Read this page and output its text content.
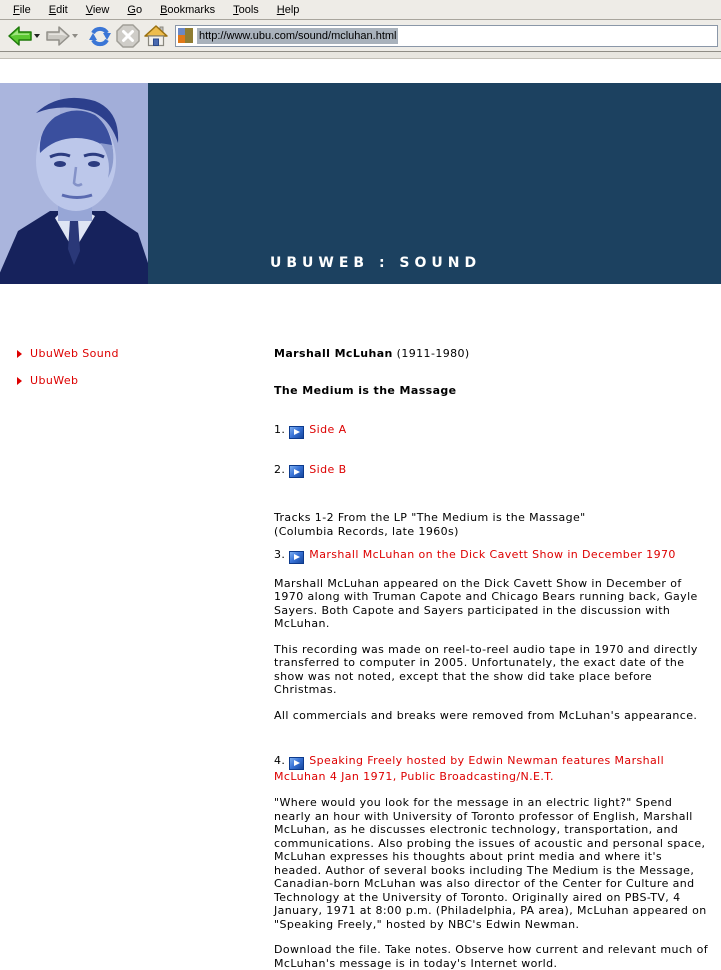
File	Edit	View	Go	Bookmarks	Tools	Help
http://www.ubu.com/sound/mcluhan.html
UBUWEB : SOUND
UbuWeb Sound
UbuWeb
Marshall McLuhan (1911-1980)
The Medium is the Massage
1. Side A
2. Side B
Tracks 1-2 From the LP "The Medium is the Massage"
(Columbia Records, late 1960s)
3. Marshall McLuhan on the Dick Cavett Show in December 1970
Marshall McLuhan appeared on the Dick Cavett Show in December of 1970 along with Truman Capote and Chicago Bears running back, Gayle Sayers. Both Capote and Sayers participated in the discussion with McLuhan.
This recording was made on reel-to-reel audio tape in 1970 and directly transferred to computer in 2005. Unfortunately, the exact date of the show was not noted, except that the show did take place before Christmas.
All commercials and breaks were removed from McLuhan's appearance.
4. Speaking Freely hosted by Edwin Newman features Marshall McLuhan 4 Jan 1971, Public Broadcasting/N.E.T.
"Where would you look for the message in an electric light?" Spend nearly an hour with University of Toronto professor of English, Marshall McLuhan, as he discusses electronic technology, transportation, and communications. Also probing the issues of acoustic and personal space, McLuhan expresses his thoughts about print media and where it's headed. Author of several books including The Medium is the Message, Canadian-born McLuhan was also director of the Center for Culture and Technology at the University of Toronto. Originally aired on PBS-TV, 4 January, 1971 at 8:00 p.m. (Philadelphia, PA area), McLuhan appeared on "Speaking Freely," hosted by NBC's Edwin Newman.
Download the file. Take notes. Observe how current and relevant much of McLuhan's message is in today's Internet world.
